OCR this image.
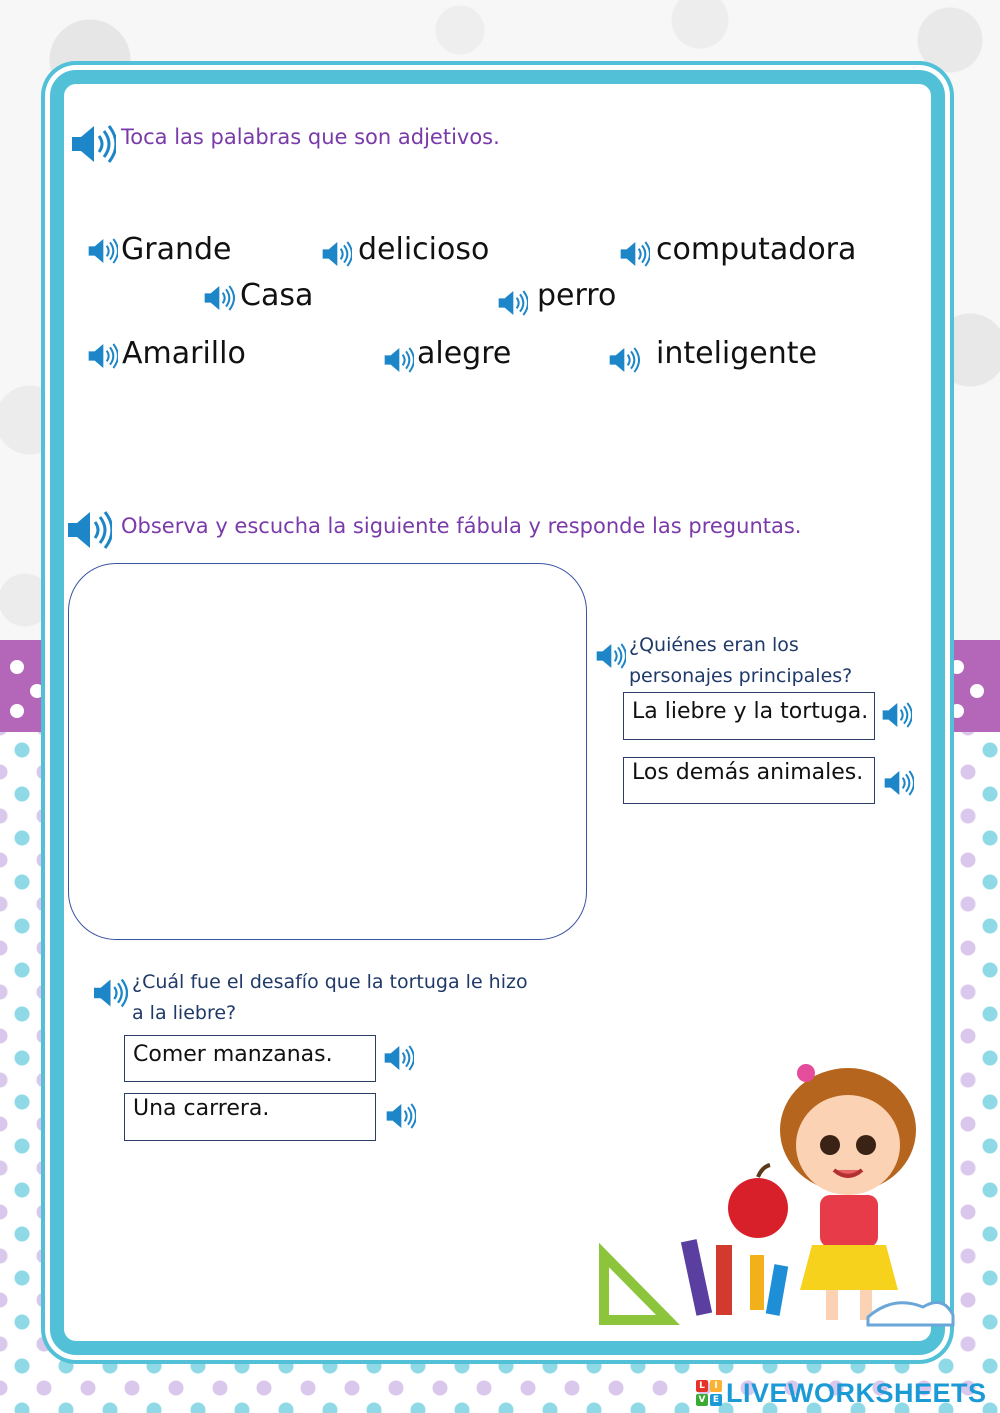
Toca las palabras que son adjetivos.
Grande	delicioso	computadora
Casa	perro
Amarillo	alegre	inteligente
Observa y escucha la siguiente fábula y responde las preguntas.
¿Quiénes eran los
personajes principales?
La liebre y la tortuga.
Los demás animales.
¿Cuál fue el desafío que la tortuga le hizo
a la liebre?
Comer manzanas.
Una carrera.
L	I
V E LIVEWORKSHEETS
